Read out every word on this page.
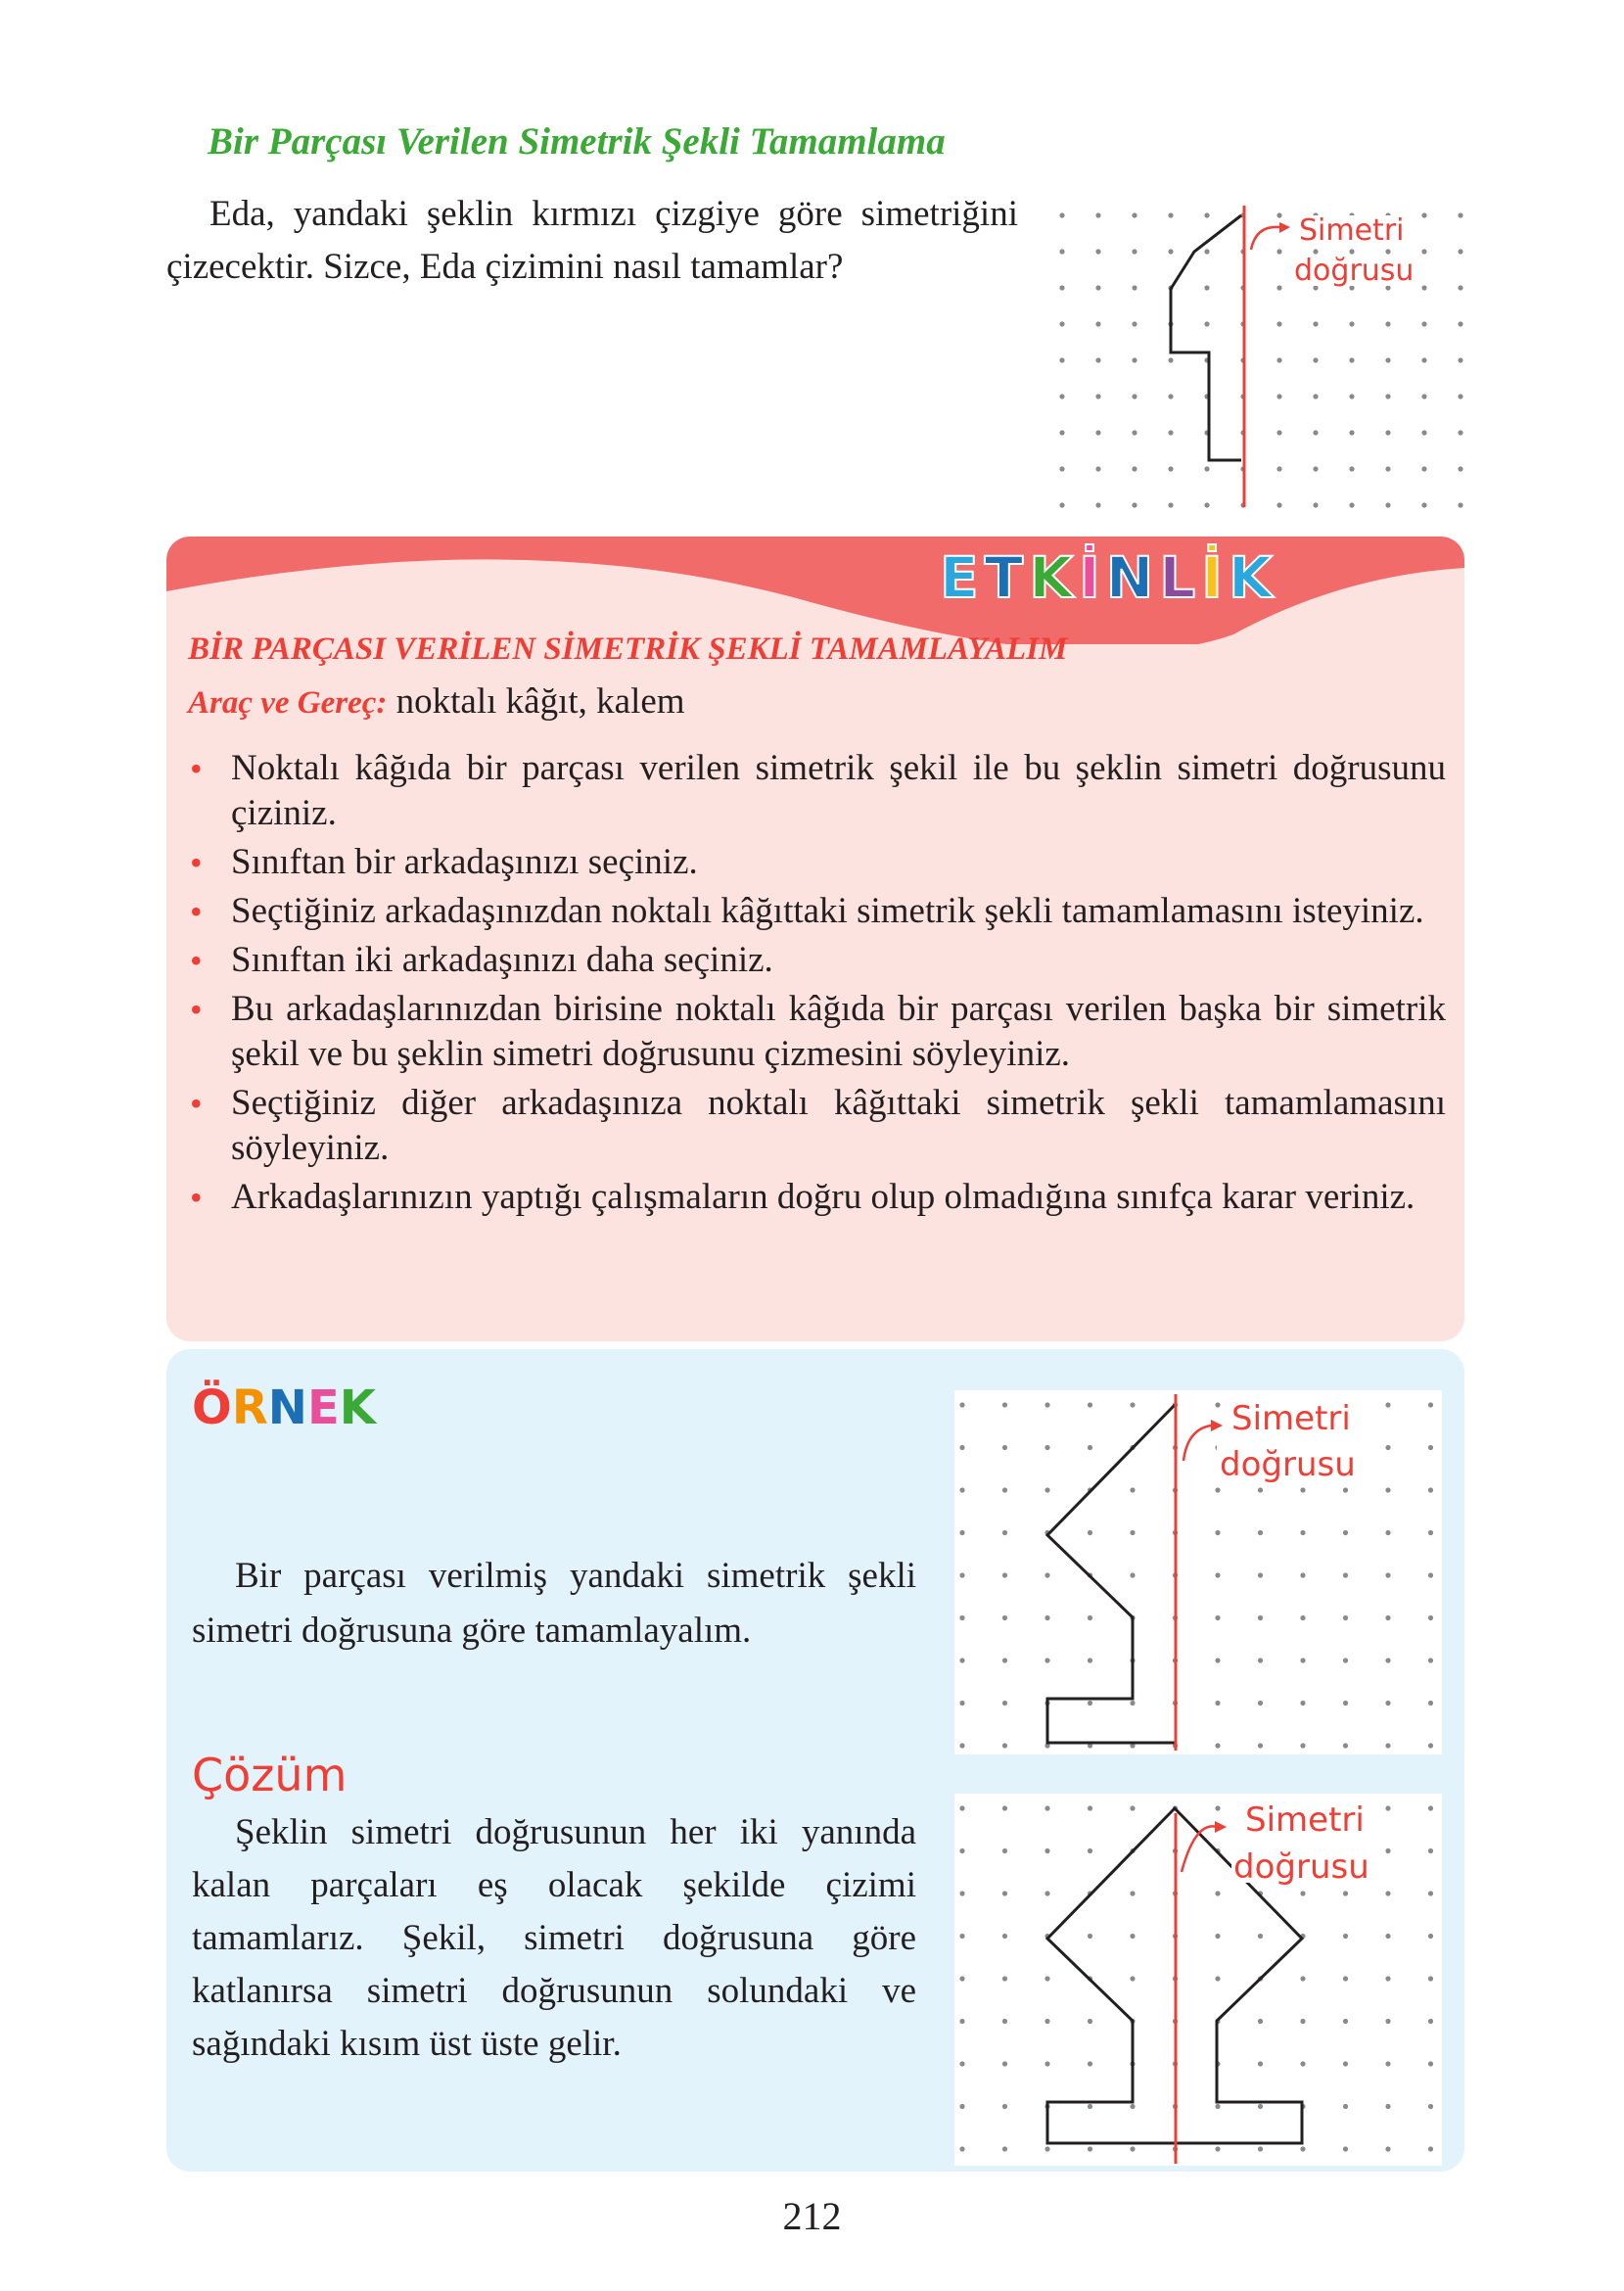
Bir Parçası Verilen Simetrik Şekli Tamamlama
Eda, yandaki şeklin kırmızı çizgiye göre simetriğini çizecektir. Sizce, Eda çizimini nasıl tamamlar?
Simetri
doğrusu
E T K İ N L İ K
BİR PARÇASI VERİLEN SİMETRİK ŞEKLİ TAMAMLAYALIM
Araç ve Gereç: noktalı kâğıt, kalem
• Noktalı kâğıda bir parçası verilen simetrik şekil ile bu şeklin simetri doğrusunu çiziniz.
• Sınıftan bir arkadaşınızı seçiniz.
• Seçtiğiniz arkadaşınızdan noktalı kâğıttaki simetrik şekli tamamlamasını isteyiniz.
• Sınıftan iki arkadaşınızı daha seçiniz.
• Bu arkadaşlarınızdan birisine noktalı kâğıda bir parçası verilen başka bir simetrik şekil ve bu şeklin simetri doğrusunu çizmesini söyleyiniz.
• Seçtiğiniz diğer arkadaşınıza noktalı kâğıttaki simetrik şekli tamamlamasını söyleyiniz.
• Arkadaşlarınızın yaptığı çalışmaların doğru olup olmadığına sınıfça karar veriniz.
Ö R N E K
Bir parçası verilmiş yandaki simetrik şekli simetri doğrusuna göre tamamlayalım.
Çözüm
Şeklin simetri doğrusunun her iki yanında kalan parçaları eş olacak şekilde çizimi tamamlarız. Şekil, simetri doğrusuna göre katlanırsa simetri doğrusunun solundaki ve sağındaki kısım üst üste gelir.
Simetri
doğrusu
Simetri
doğrusu
212
